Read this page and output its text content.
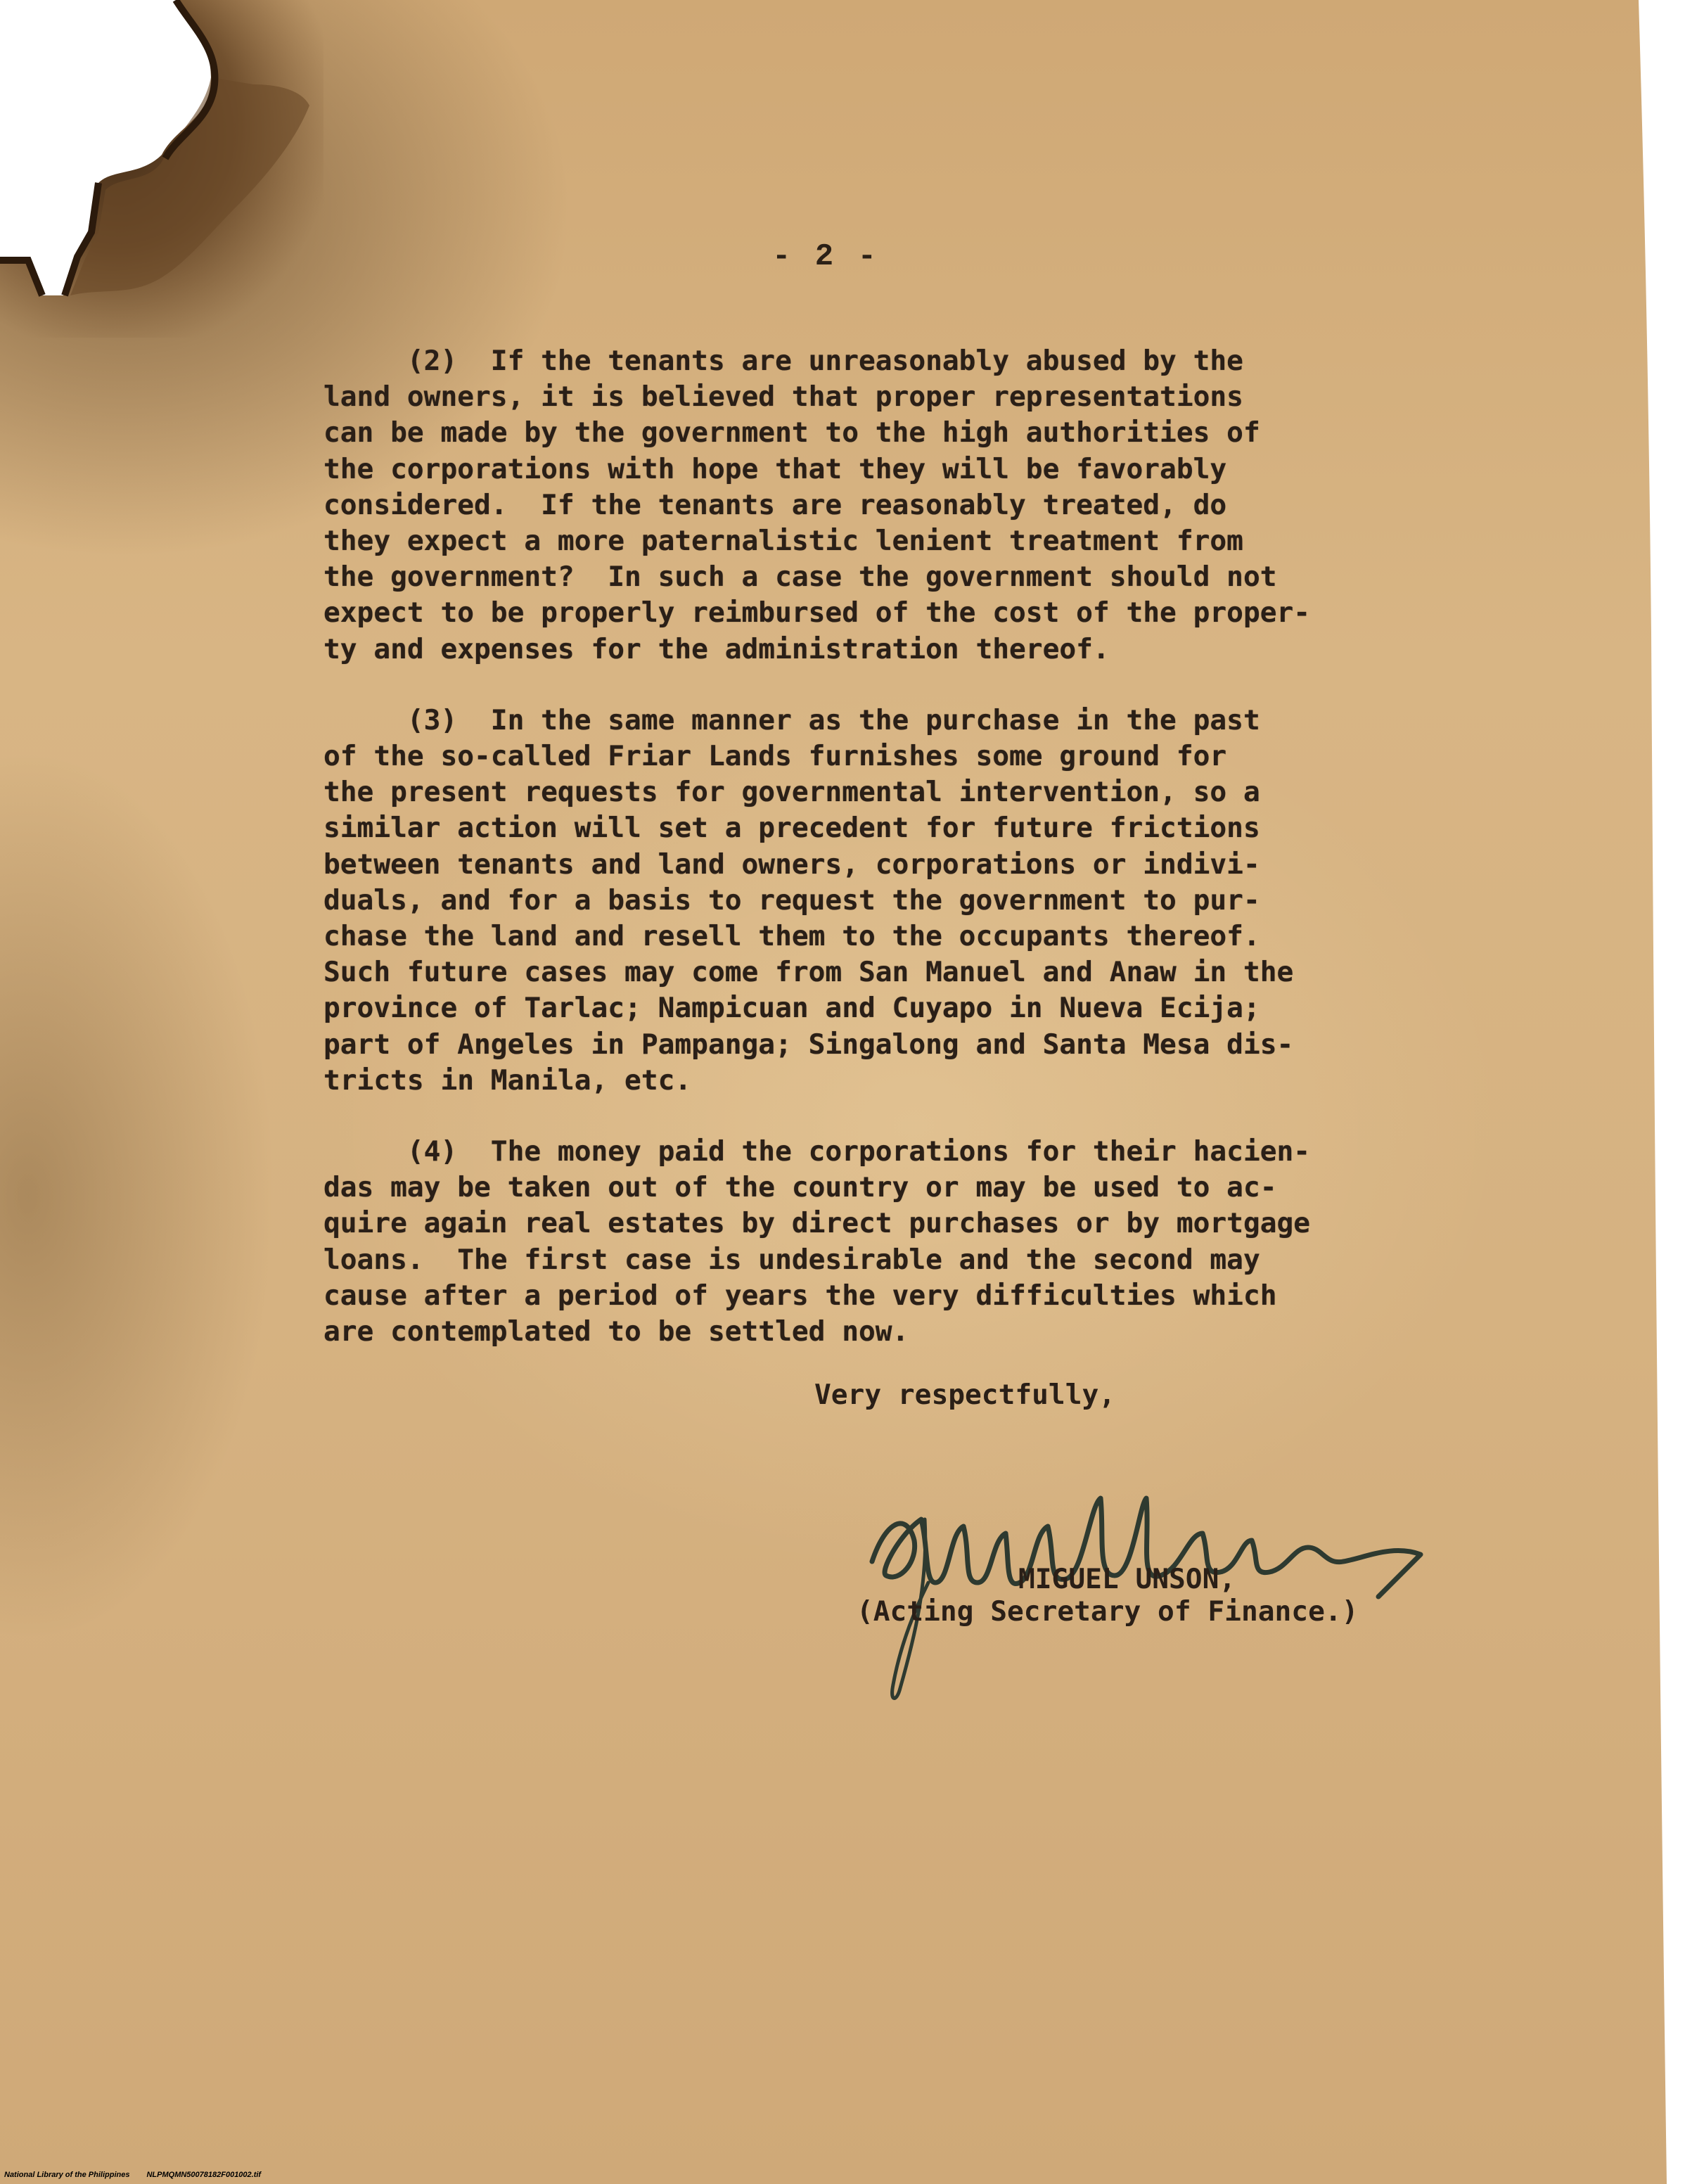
- 2 -
(2)  If the tenants are unreasonably abused by the
land owners, it is believed that proper representations
can be made by the government to the high authorities of
the corporations with hope that they will be favorably
considered.  If the tenants are reasonably treated, do
they expect a more paternalistic lenient treatment from
the government?  In such a case the government should not
expect to be properly reimbursed of the cost of the proper-
ty and expenses for the administration thereof.
(3)  In the same manner as the purchase in the past
of the so-called Friar Lands furnishes some ground for
the present requests for governmental intervention, so a
similar action will set a precedent for future frictions
between tenants and land owners, corporations or indivi-
duals, and for a basis to request the government to pur-
chase the land and resell them to the occupants thereof.
Such future cases may come from San Manuel and Anaw in the
province of Tarlac; Nampicuan and Cuyapo in Nueva Ecija;
part of Angeles in Pampanga; Singalong and Santa Mesa dis-
tricts in Manila, etc.
(4)  The money paid the corporations for their hacien-
das may be taken out of the country or may be used to ac-
quire again real estates by direct purchases or by mortgage
loans.  The first case is undesirable and the second may
cause after a period of years the very difficulties which
are contemplated to be settled now.
Very respectfully,
MIGUEL UNSON,
(Acting Secretary of Finance.)
National Library of the Philippines NLPMQMN50078182F001002.tif
